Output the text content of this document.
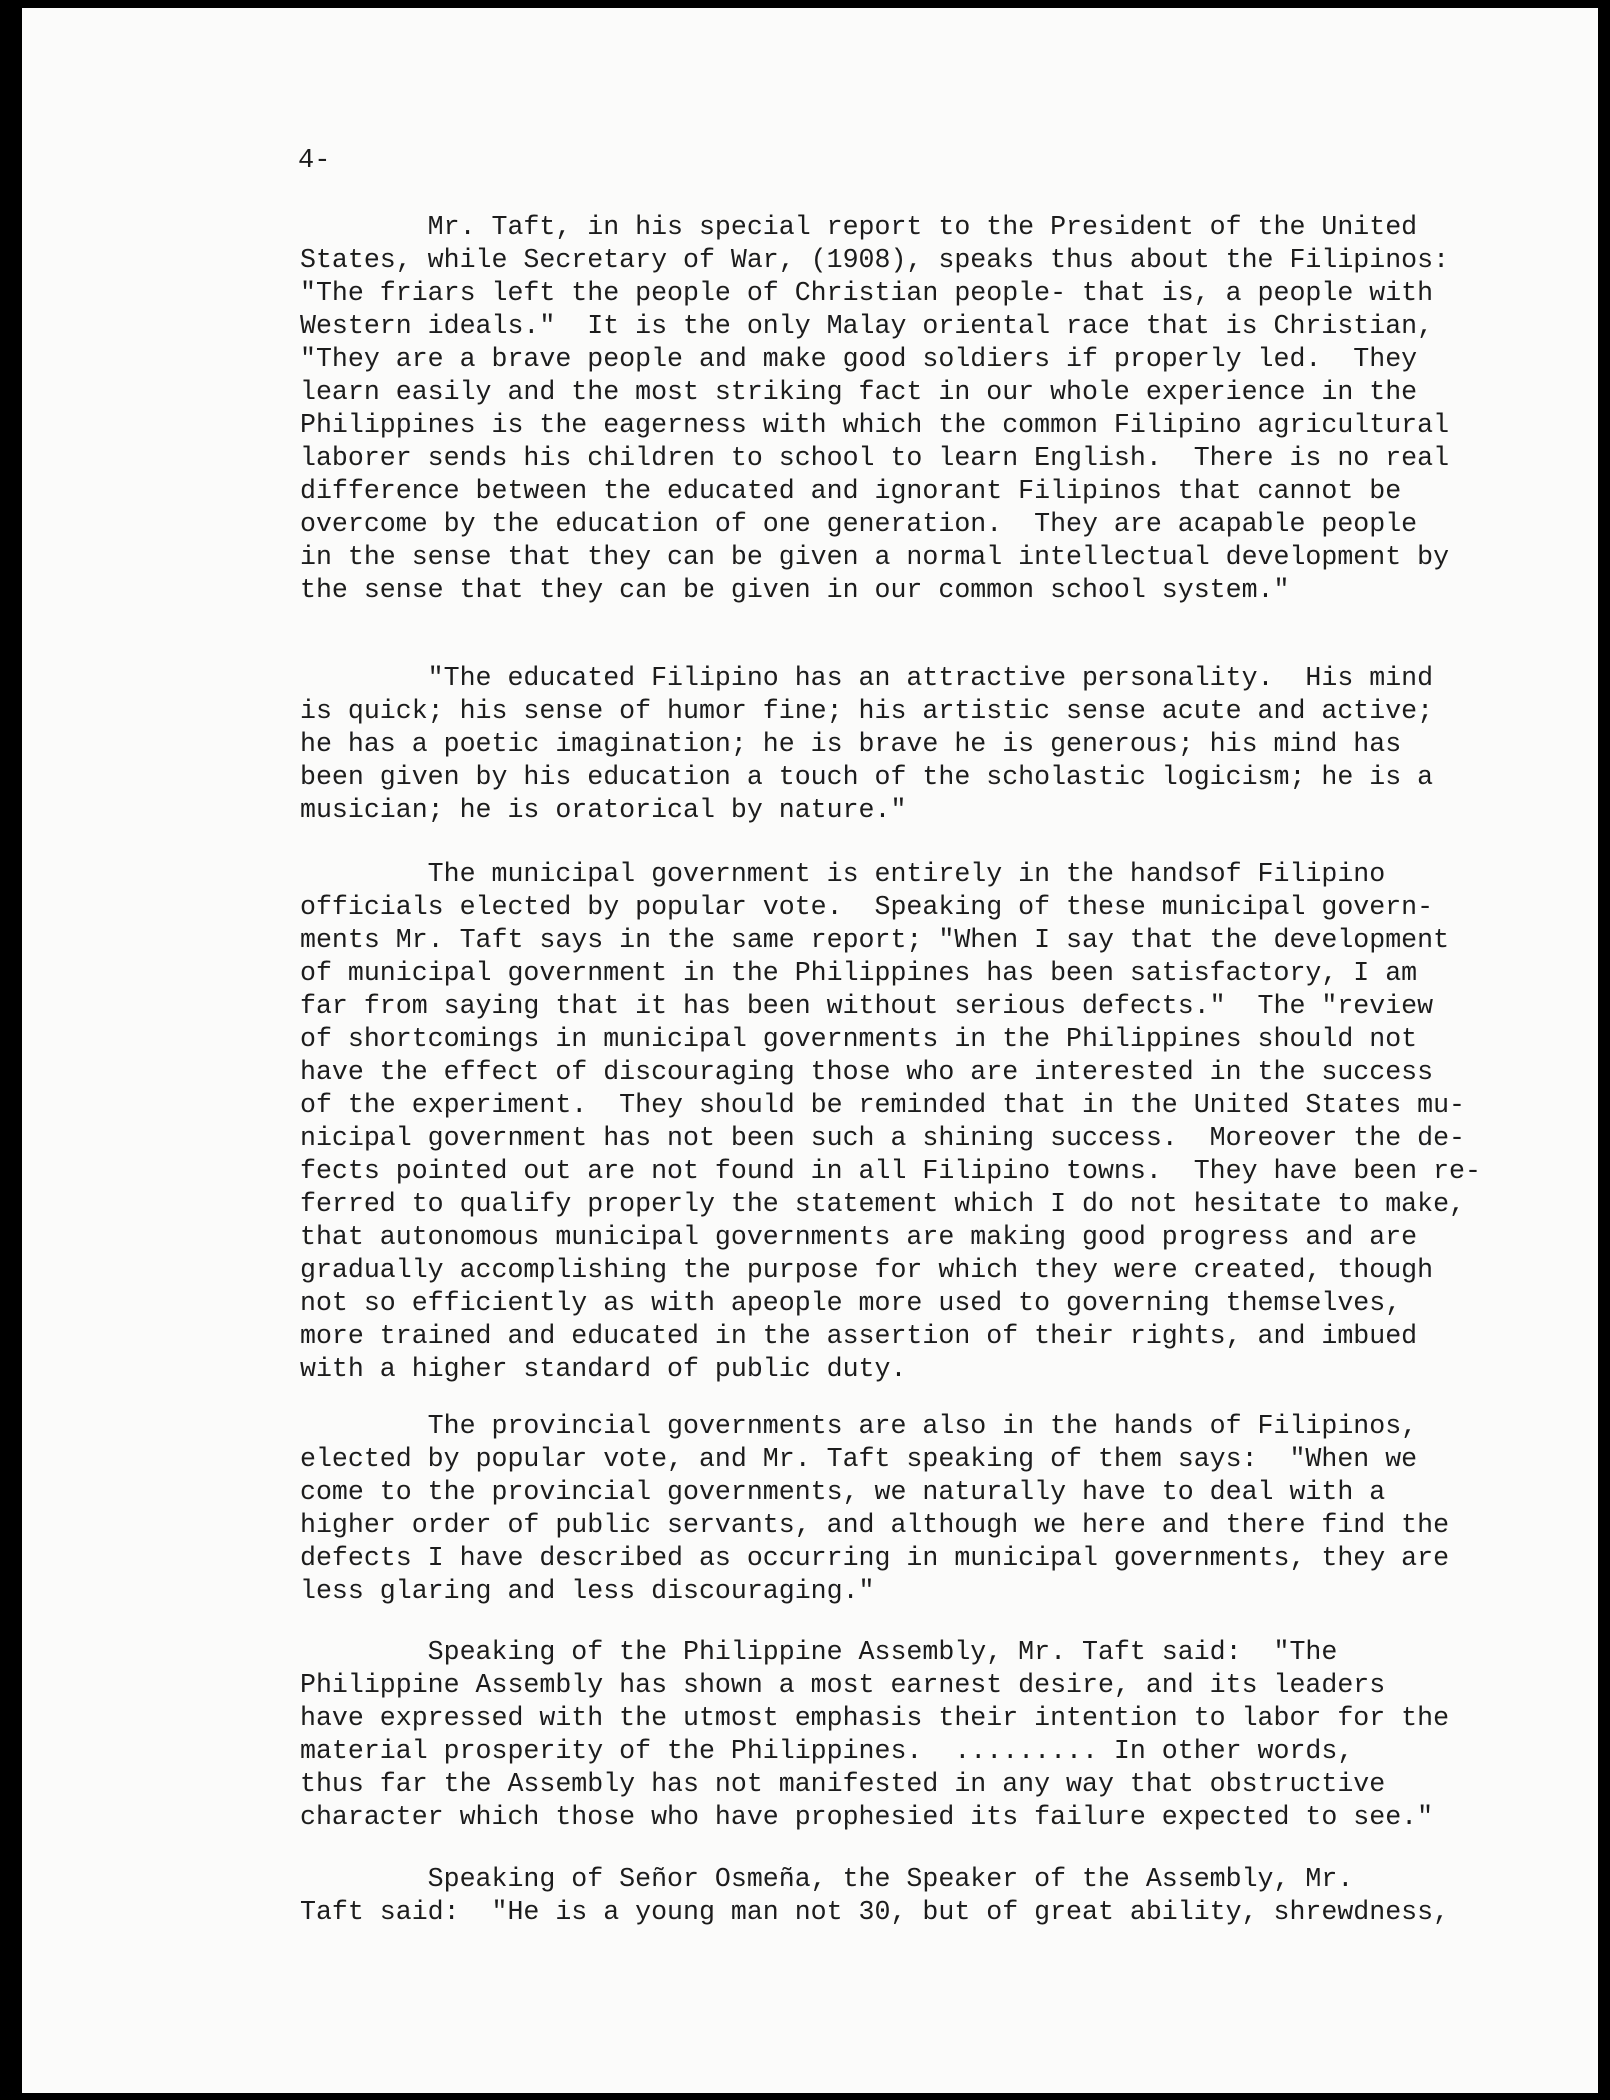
4-
Mr. Taft, in his special report to the President of the United
States, while Secretary of War, (1908), speaks thus about the Filipinos:
"The friars left the people of Christian people- that is, a people with
Western ideals."  It is the only Malay oriental race that is Christian,
"They are a brave people and make good soldiers if properly led.  They
learn easily and the most striking fact in our whole experience in the
Philippines is the eagerness with which the common Filipino agricultural
laborer sends his children to school to learn English.  There is no real
difference between the educated and ignorant Filipinos that cannot be
overcome by the education of one generation.  They are acapable people
in the sense that they can be given a normal intellectual development by
the sense that they can be given in our common school system."
"The educated Filipino has an attractive personality.  His mind
is quick; his sense of humor fine; his artistic sense acute and active;
he has a poetic imagination; he is brave he is generous; his mind has
been given by his education a touch of the scholastic logicism; he is a
musician; he is oratorical by nature."
The municipal government is entirely in the handsof Filipino
officials elected by popular vote.  Speaking of these municipal govern-
ments Mr. Taft says in the same report; "When I say that the development
of municipal government in the Philippines has been satisfactory, I am
far from saying that it has been without serious defects."  The "review
of shortcomings in municipal governments in the Philippines should not
have the effect of discouraging those who are interested in the success
of the experiment.  They should be reminded that in the United States mu-
nicipal government has not been such a shining success.  Moreover the de-
fects pointed out are not found in all Filipino towns.  They have been re-
ferred to qualify properly the statement which I do not hesitate to make,
that autonomous municipal governments are making good progress and are
gradually accomplishing the purpose for which they were created, though
not so efficiently as with apeople more used to governing themselves,
more trained and educated in the assertion of their rights, and imbued
with a higher standard of public duty.
The provincial governments are also in the hands of Filipinos,
elected by popular vote, and Mr. Taft speaking of them says:  "When we
come to the provincial governments, we naturally have to deal with a
higher order of public servants, and although we here and there find the
defects I have described as occurring in municipal governments, they are
less glaring and less discouraging."
Speaking of the Philippine Assembly, Mr. Taft said:  "The
Philippine Assembly has shown a most earnest desire, and its leaders
have expressed with the utmost emphasis their intention to labor for the
material prosperity of the Philippines.  ......... In other words,
thus far the Assembly has not manifested in any way that obstructive
character which those who have prophesied its failure expected to see."
Speaking of Señor Osmeña, the Speaker of the Assembly, Mr.
Taft said:  "He is a young man not 30, but of great ability, shrewdness,
